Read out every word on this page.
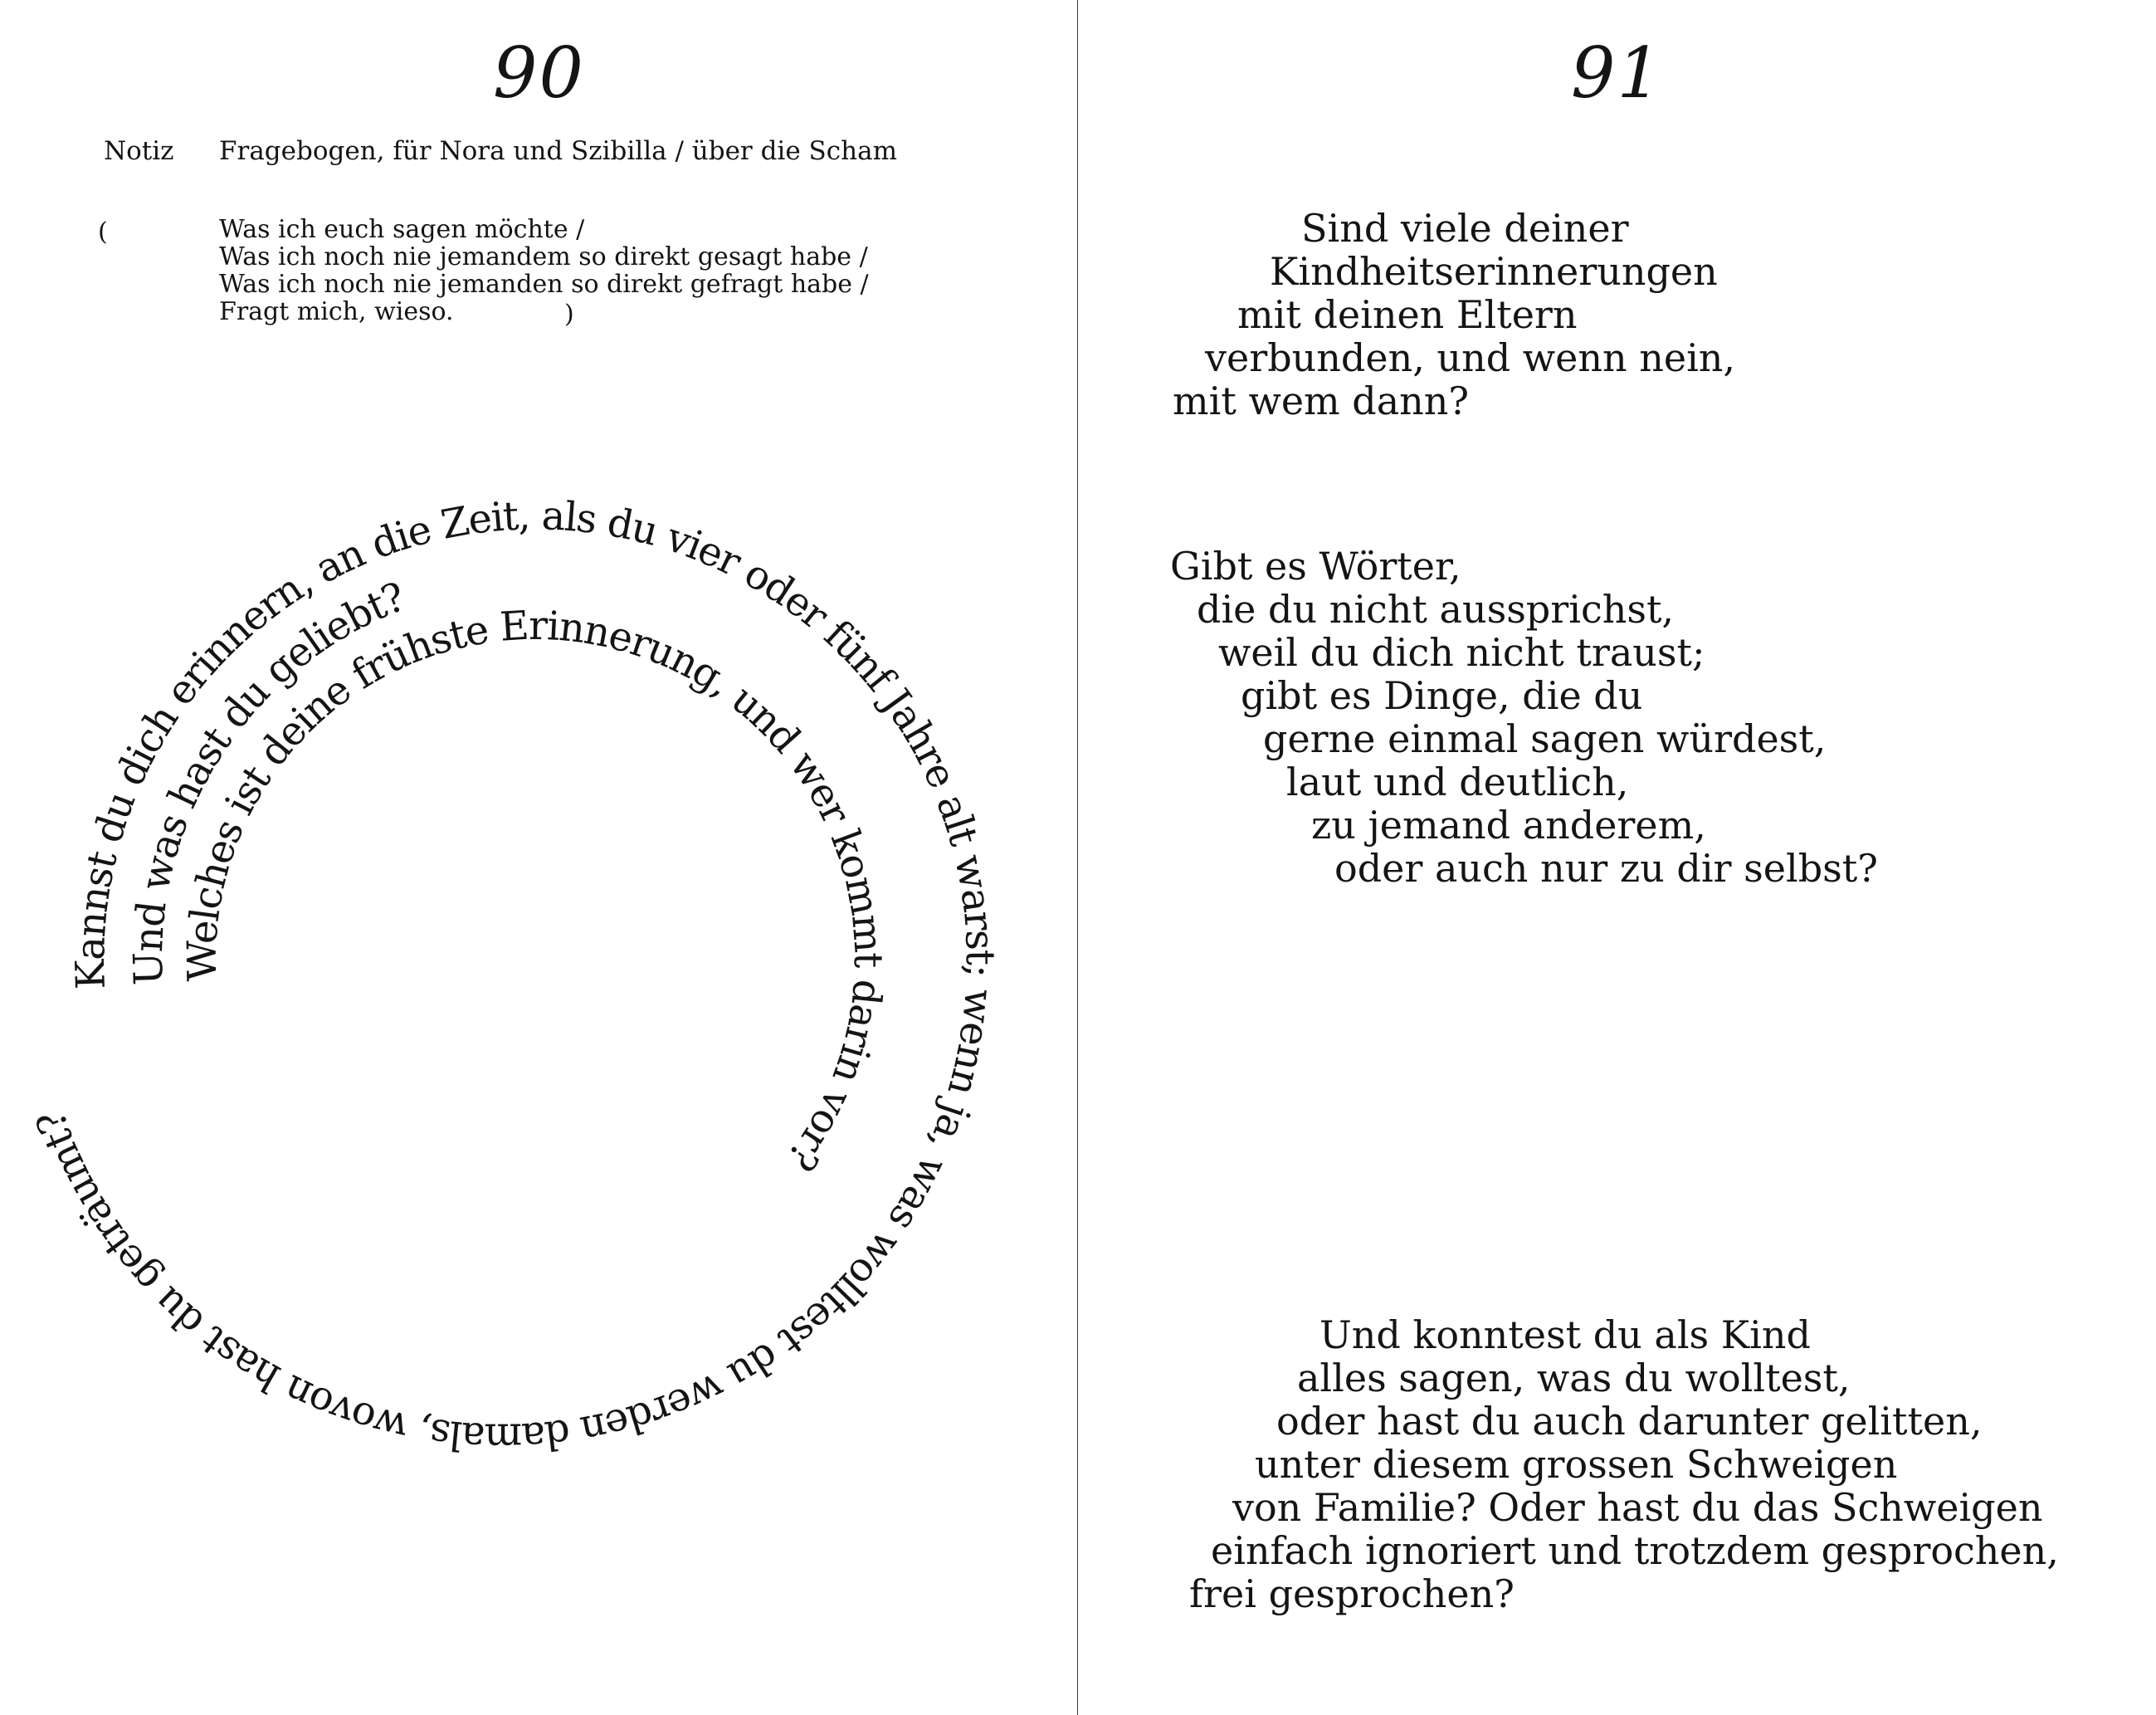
90
Notiz Fragebogen, für Nora und Szibilla / über die Scham
(	Was ich euch sagen möchte /
Was ich noch nie jemandem so direkt gesagt habe /
Was ich noch nie jemanden so direkt gefragt habe /
Fragt mich, wieso.	)
Kannst du dich erinnern, an die Zeit, als du vier oder fünf Jahre alt warst; wenn ja, was wolltest du werden damals, wovon hast du geträumt?
Und was hast du geliebt?
Welches ist deine frühste Erinnerung, und wer kommt darin vor?
91
Sind viele deiner
Kindheitserinnerungen
mit deinen Eltern
verbunden, und wenn nein,
mit wem dann?
Gibt es Wörter,
die du nicht aussprichst,
weil du dich nicht traust;
gibt es Dinge, die du
gerne einmal sagen würdest,
laut und deutlich,
zu jemand anderem,
oder auch nur zu dir selbst?
Und konntest du als Kind
alles sagen, was du wolltest,
oder hast du auch darunter gelitten,
unter diesem grossen Schweigen
von Familie? Oder hast du das Schweigen
einfach ignoriert und trotzdem gesprochen,
frei gesprochen?
